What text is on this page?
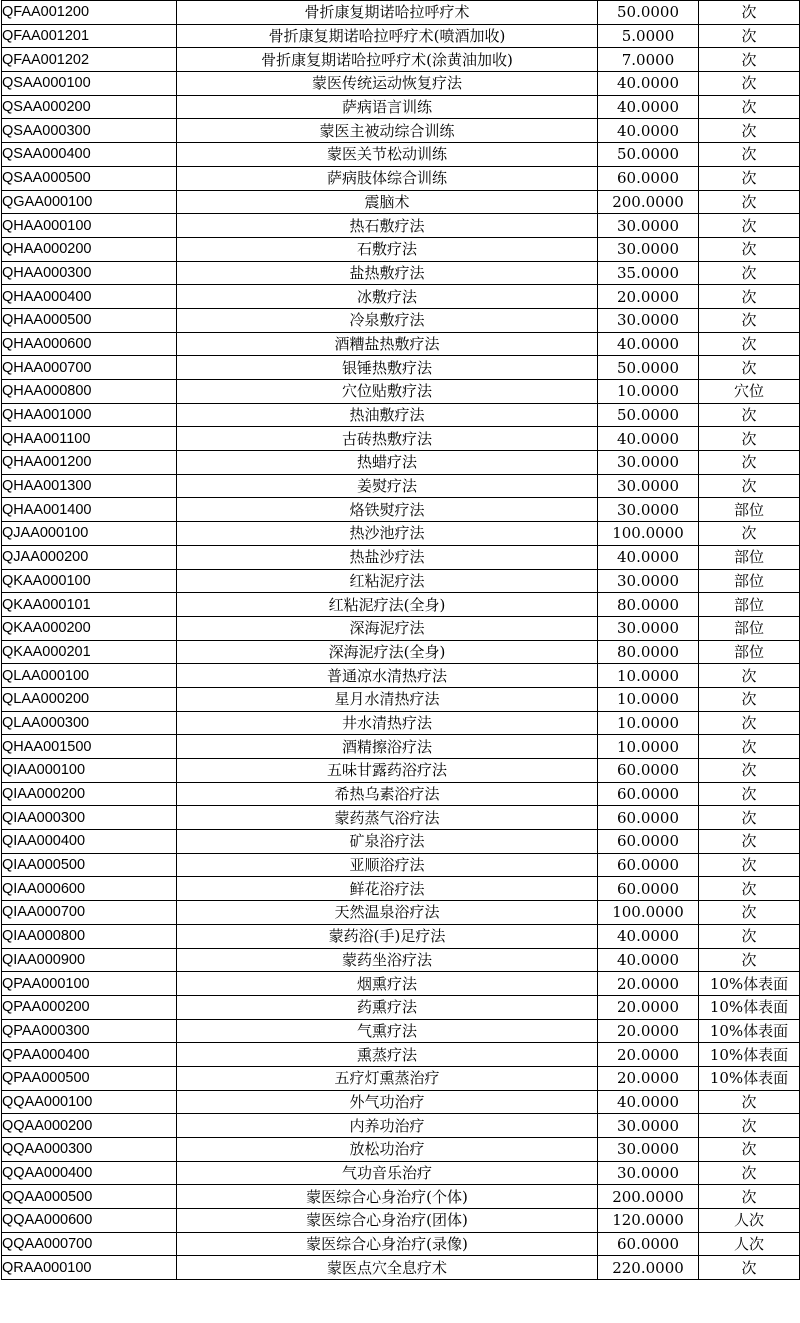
QFAA001200	骨折康复期诺哈拉呼疗术	50.0000	次
QFAA001201	骨折康复期诺哈拉呼疗术(喷酒加收)	5.0000	次
QFAA001202	骨折康复期诺哈拉呼疗术(涂黄油加收)	7.0000	次
QSAA000100	蒙医传统运动恢复疗法	40.0000	次
QSAA000200	萨病语言训练	40.0000	次
QSAA000300	蒙医主被动综合训练	40.0000	次
QSAA000400	蒙医关节松动训练	50.0000	次
QSAA000500	萨病肢体综合训练	60.0000	次
QGAA000100	震脑术	200.0000	次
QHAA000100	热石敷疗法	30.0000	次
QHAA000200	石敷疗法	30.0000	次
QHAA000300	盐热敷疗法	35.0000	次
QHAA000400	冰敷疗法	20.0000	次
QHAA000500	冷泉敷疗法	30.0000	次
QHAA000600	酒糟盐热敷疗法	40.0000	次
QHAA000700	银锤热敷疗法	50.0000	次
QHAA000800	穴位贴敷疗法	10.0000	穴位
QHAA001000	热油敷疗法	50.0000	次
QHAA001100	古砖热敷疗法	40.0000	次
QHAA001200	热蜡疗法	30.0000	次
QHAA001300	姜熨疗法	30.0000	次
QHAA001400	烙铁熨疗法	30.0000	部位
QJAA000100	热沙池疗法	100.0000	次
QJAA000200	热盐沙疗法	40.0000	部位
QKAA000100	红粘泥疗法	30.0000	部位
QKAA000101	红粘泥疗法(全身)	80.0000	部位
QKAA000200	深海泥疗法	30.0000	部位
QKAA000201	深海泥疗法(全身)	80.0000	部位
QLAA000100	普通凉水清热疗法	10.0000	次
QLAA000200	星月水清热疗法	10.0000	次
QLAA000300	井水清热疗法	10.0000	次
QHAA001500	酒精擦浴疗法	10.0000	次
QIAA000100	五味甘露药浴疗法	60.0000	次
QIAA000200	希热乌素浴疗法	60.0000	次
QIAA000300	蒙药蒸气浴疗法	60.0000	次
QIAA000400	矿泉浴疗法	60.0000	次
QIAA000500	亚顺浴疗法	60.0000	次
QIAA000600	鲜花浴疗法	60.0000	次
QIAA000700	天然温泉浴疗法	100.0000	次
QIAA000800	蒙药浴(手)足疗法	40.0000	次
QIAA000900	蒙药坐浴疗法	40.0000	次
QPAA000100	烟熏疗法	20.0000	10%体表面
QPAA000200	药熏疗法	20.0000	10%体表面
QPAA000300	气熏疗法	20.0000	10%体表面
QPAA000400	熏蒸疗法	20.0000	10%体表面
QPAA000500	五疗灯熏蒸治疗	20.0000	10%体表面
QQAA000100	外气功治疗	40.0000	次
QQAA000200	内养功治疗	30.0000	次
QQAA000300	放松功治疗	30.0000	次
QQAA000400	气功音乐治疗	30.0000	次
QQAA000500	蒙医综合心身治疗(个体)	200.0000	次
QQAA000600	蒙医综合心身治疗(团体)	120.0000	人次
QQAA000700	蒙医综合心身治疗(录像)	60.0000	人次
QRAA000100	蒙医点穴全息疗术	220.0000	次
